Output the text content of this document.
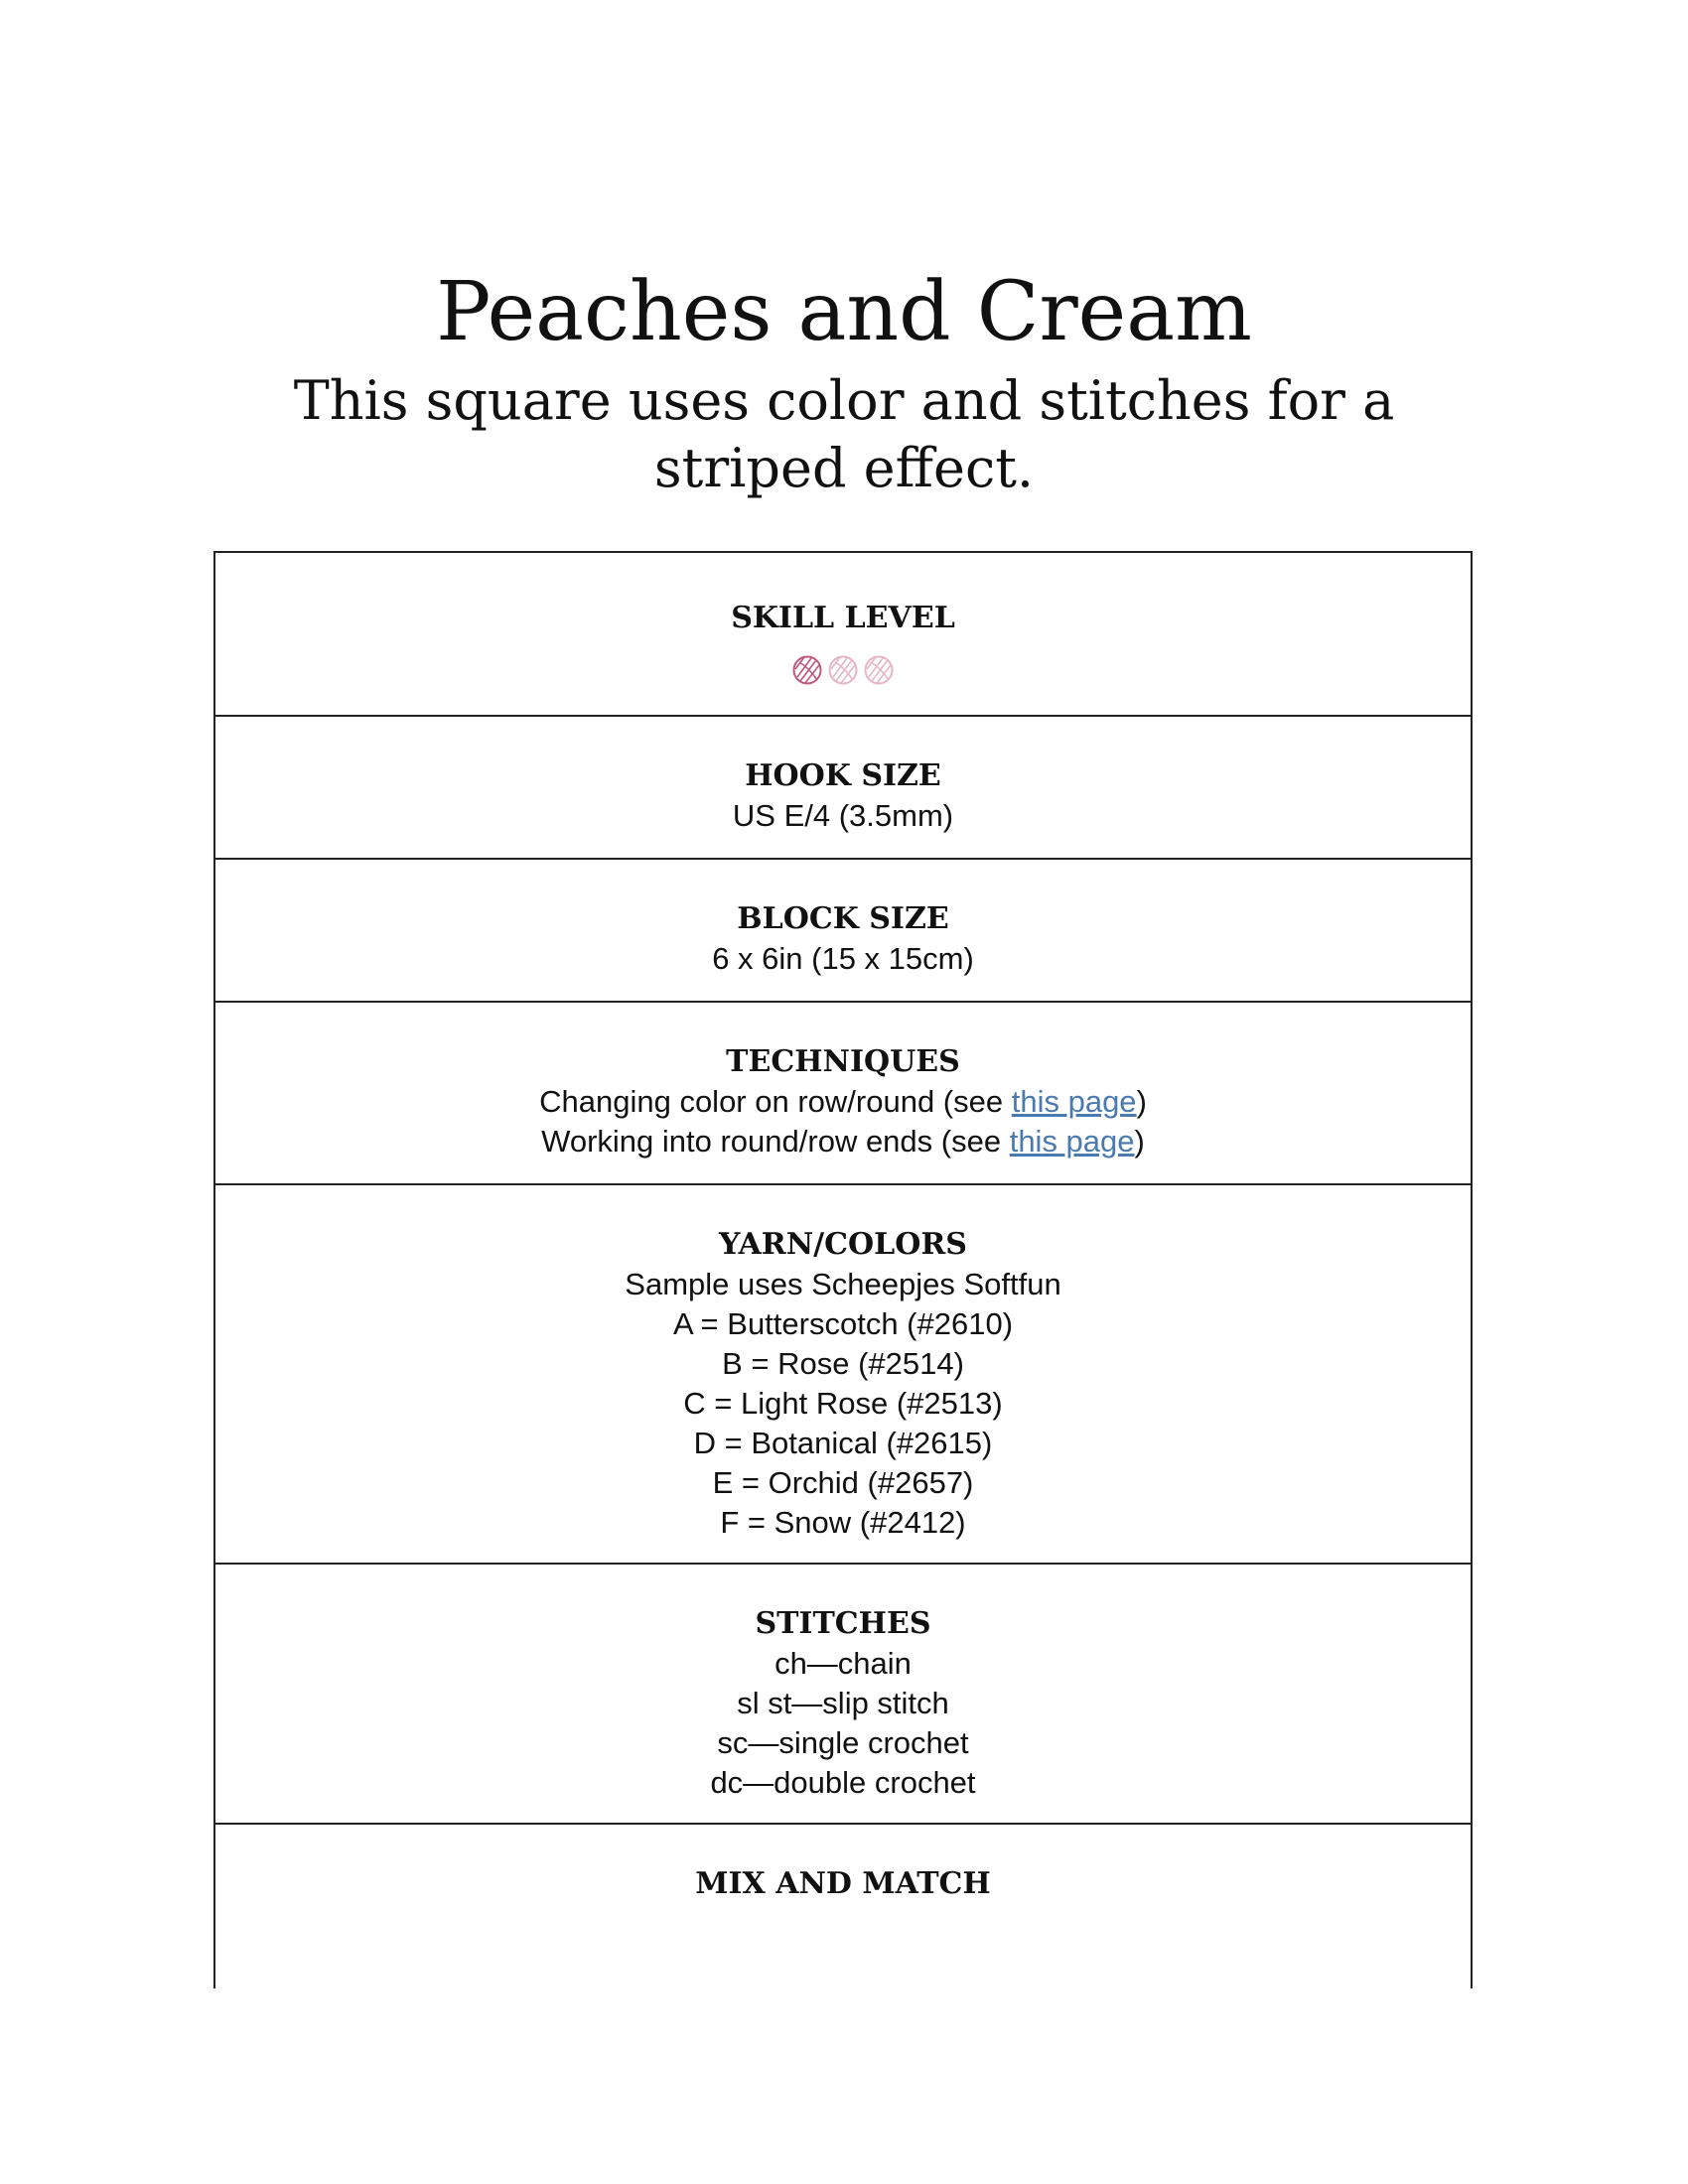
Peaches and Cream
This square uses color and stitches for a striped effect.
SKILL LEVEL
HOOK SIZE
US E/4 (3.5mm)
BLOCK SIZE
6 x 6in (15 x 15cm)
TECHNIQUES
Changing color on row/round (see this page)
Working into round/row ends (see this page)
YARN/COLORS
Sample uses Scheepjes Softfun
A = Butterscotch (#2610)
B = Rose (#2514)
C = Light Rose (#2513)
D = Botanical (#2615)
E = Orchid (#2657)
F = Snow (#2412)
STITCHES
ch—chain
sl st—slip stitch
sc—single crochet
dc—double crochet
MIX AND MATCH
